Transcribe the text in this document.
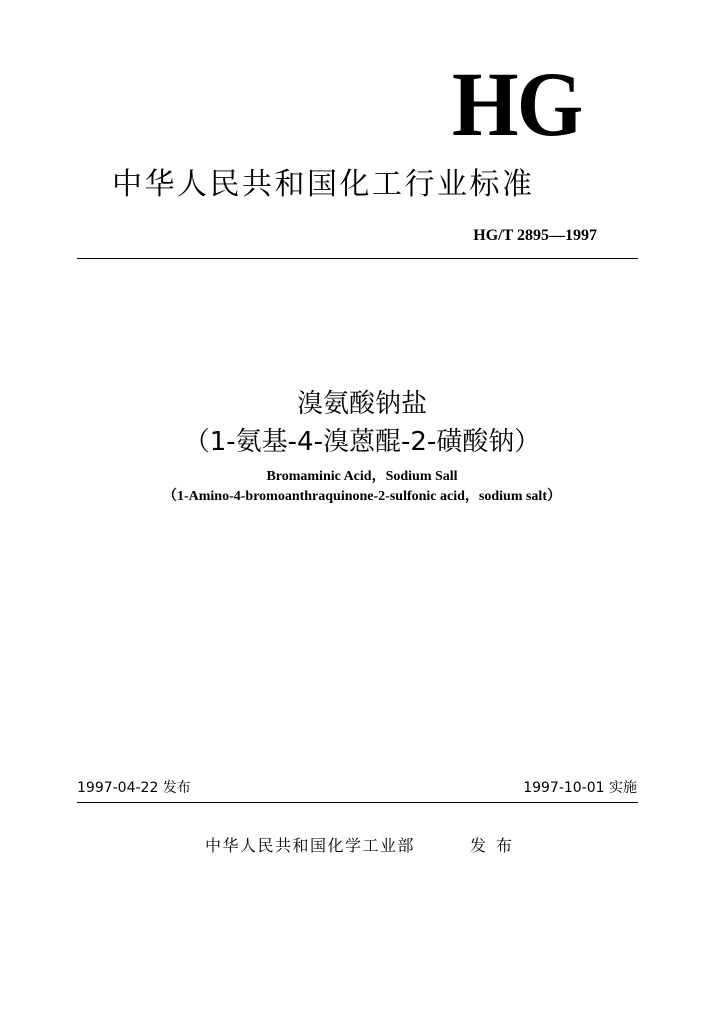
HG
中华人民共和国化工行业标准
HG/T 2895—1997
溴氨酸钠盐
（1-氨基-4-溴蒽醌-2-磺酸钠）
Bromaminic Acid，Sodium Sall
（1-Amino-4-bromoanthraquinone-2-sulfonic acid，sodium salt）
1997-04-22 发布	1997-10-01 实施
中华人民共和国化学工业部	发布
